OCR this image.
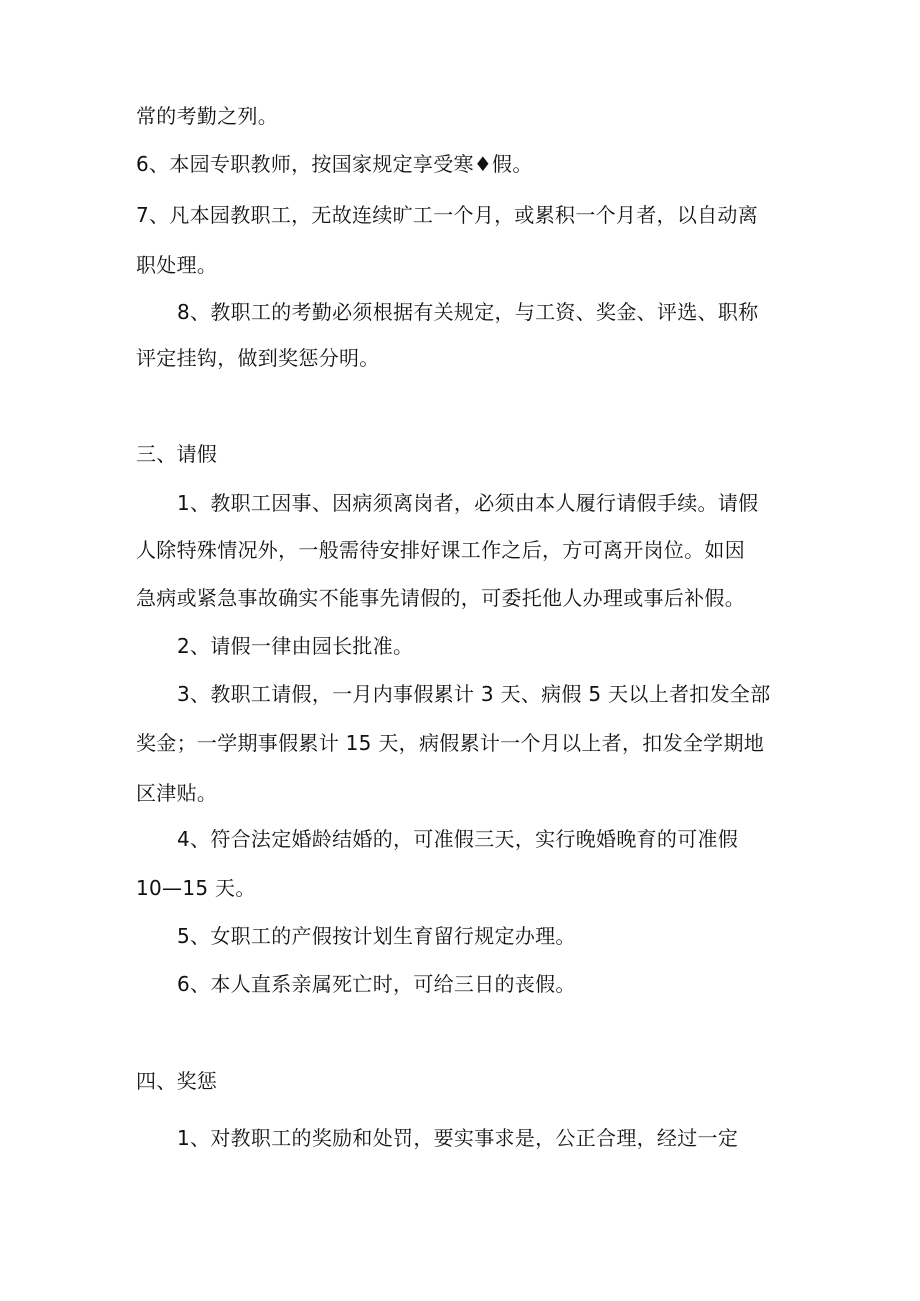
常的考勤之列。
6、本园专职教师，按国家规定享受寒♦假。
7、凡本园教职工，无故连续旷工一个月，或累积一个月者，以自动离
职处理。
8、教职工的考勤必须根据有关规定，与工资、奖金、评选、职称
评定挂钩，做到奖惩分明。
三、请假
1、教职工因事、因病须离岗者，必须由本人履行请假手续。请假
人除特殊情况外，一般需待安排好课工作之后，方可离开岗位。如因
急病或紧急事故确实不能事先请假的，可委托他人办理或事后补假。
2、请假一律由园长批准。
3、教职工请假，一月内事假累计 3 天、病假 5 天以上者扣发全部
奖金；一学期事假累计 15 天，病假累计一个月以上者，扣发全学期地
区津贴。
4、符合法定婚龄结婚的，可准假三天，实行晚婚晚育的可准假
10—15 天。
5、女职工的产假按计划生育留行规定办理。
6、本人直系亲属死亡时，可给三日的丧假。
四、奖惩
1、对教职工的奖励和处罚，要实事求是，公正合理，经过一定
